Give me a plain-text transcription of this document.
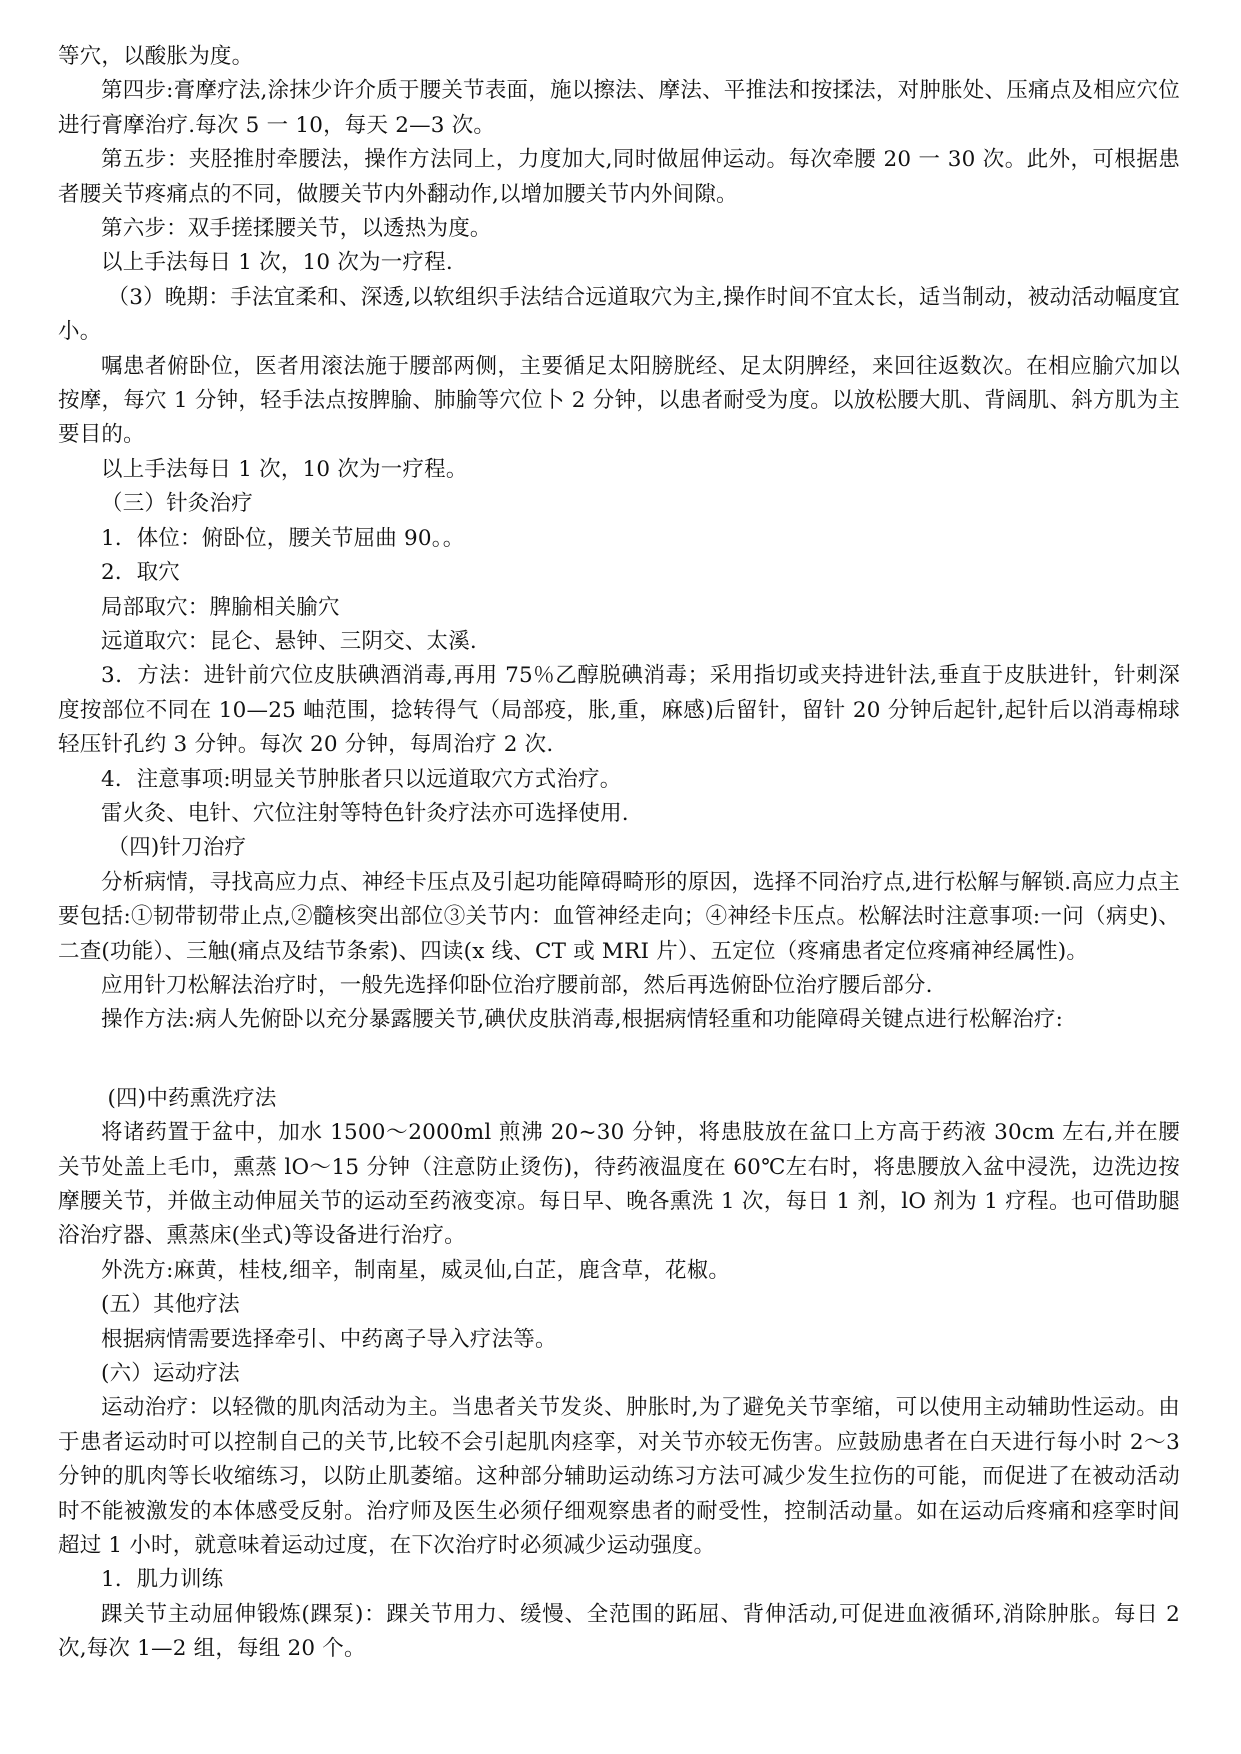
等穴，以酸胀为度。

第四步:膏摩疗法,涂抹少许介质于腰关节表面，施以擦法、摩法、平推法和按揉法，对肿胀处、压痛点及相应穴位进行膏摩治疗.每次 5 一 10，每天 2—3 次。

第五步：夹胫推肘牵腰法，操作方法同上，力度加大,同时做屈伸运动。每次牵腰 20 一 30 次。此外，可根据患者腰关节疼痛点的不同，做腰关节内外翻动作,以增加腰关节内外间隙。

第六步：双手搓揉腰关节，以透热为度。

以上手法每日 1 次，10 次为一疗程.

（3）晚期：手法宜柔和、深透,以软组织手法结合远道取穴为主,操作时间不宜太长，适当制动，被动活动幅度宜小。

嘱患者俯卧位，医者用滚法施于腰部两侧，主要循足太阳膀胱经、足太阴脾经，来回往返数次。在相应腧穴加以按摩，每穴 1 分钟，轻手法点按脾腧、肺腧等穴位卜 2 分钟，以患者耐受为度。以放松腰大肌、背阔肌、斜方肌为主要目的。

以上手法每日 1 次，10 次为一疗程。

（三）针灸治疗

1．体位：俯卧位，腰关节屈曲 90。。

2．取穴

局部取穴：脾腧相关腧穴

远道取穴：昆仑、悬钟、三阴交、太溪.

3．方法：进针前穴位皮肤碘酒消毒,再用 75％乙醇脱碘消毒；采用指切或夹持进针法,垂直于皮肤进针，针刺深度按部位不同在 10—25 岫范围，捻转得气（局部疫，胀,重，麻感)后留针，留针 20 分钟后起针,起针后以消毒棉球轻压针孔约 3 分钟。每次 20 分钟，每周治疗 2 次.

4．注意事项:明显关节肿胀者只以远道取穴方式治疗。

雷火灸、电针、穴位注射等特色针灸疗法亦可选择使用.

（四)针刀治疗

分析病情，寻找高应力点、神经卡压点及引起功能障碍畸形的原因，选择不同治疗点,进行松解与解锁.高应力点主要包括:①韧带韧带止点,②髓核突出部位③关节内：血管神经走向；④神经卡压点。松解法时注意事项:一问（病史)、二查(功能）、三触(痛点及结节条索)、四读(x 线、CT 或 MRI 片）、五定位（疼痛患者定位疼痛神经属性)。

应用针刀松解法治疗时，一般先选择仰卧位治疗腰前部，然后再选俯卧位治疗腰后部分.

操作方法:病人先俯卧以充分暴露腰关节,碘伏皮肤消毒,根据病情轻重和功能障碍关键点进行松解治疗:

(四)中药熏洗疗法

将诸药置于盆中，加水 1500～2000ml 煎沸 20~30 分钟，将患肢放在盆口上方高于药液 30cm 左右,并在腰关节处盖上毛巾，熏蒸 lO～15 分钟（注意防止烫伤)，待药液温度在 60℃左右时，将患腰放入盆中浸洗，边洗边按摩腰关节，并做主动伸屈关节的运动至药液变凉。每日早、晚各熏洗 1 次，每日 1 剂，lO 剂为 1 疗程。也可借助腿浴治疗器、熏蒸床(坐式)等设备进行治疗。

外洗方:麻黄，桂枝,细辛，制南星，威灵仙,白芷，鹿含草，花椒。

(五）其他疗法

根据病情需要选择牵引、中药离子导入疗法等。

(六）运动疗法

运动治疗：以轻微的肌肉活动为主。当患者关节发炎、肿胀时,为了避免关节挛缩，可以使用主动辅助性运动。由于患者运动时可以控制自己的关节,比较不会引起肌肉痉挛，对关节亦较无伤害。应鼓励患者在白天进行每小时 2～3 分钟的肌肉等长收缩练习，以防止肌萎缩。这种部分辅助运动练习方法可减少发生拉伤的可能，而促进了在被动活动时不能被激发的本体感受反射。治疗师及医生必须仔细观察患者的耐受性，控制活动量。如在运动后疼痛和痉挛时间超过 1 小时，就意味着运动过度，在下次治疗时必须减少运动强度。

1．肌力训练

踝关节主动屈伸锻炼(踝泵)：踝关节用力、缓慢、全范围的跖屈、背伸活动,可促进血液循环,消除肿胀。每日 2 次,每次 1—2 组，每组 20 个。
